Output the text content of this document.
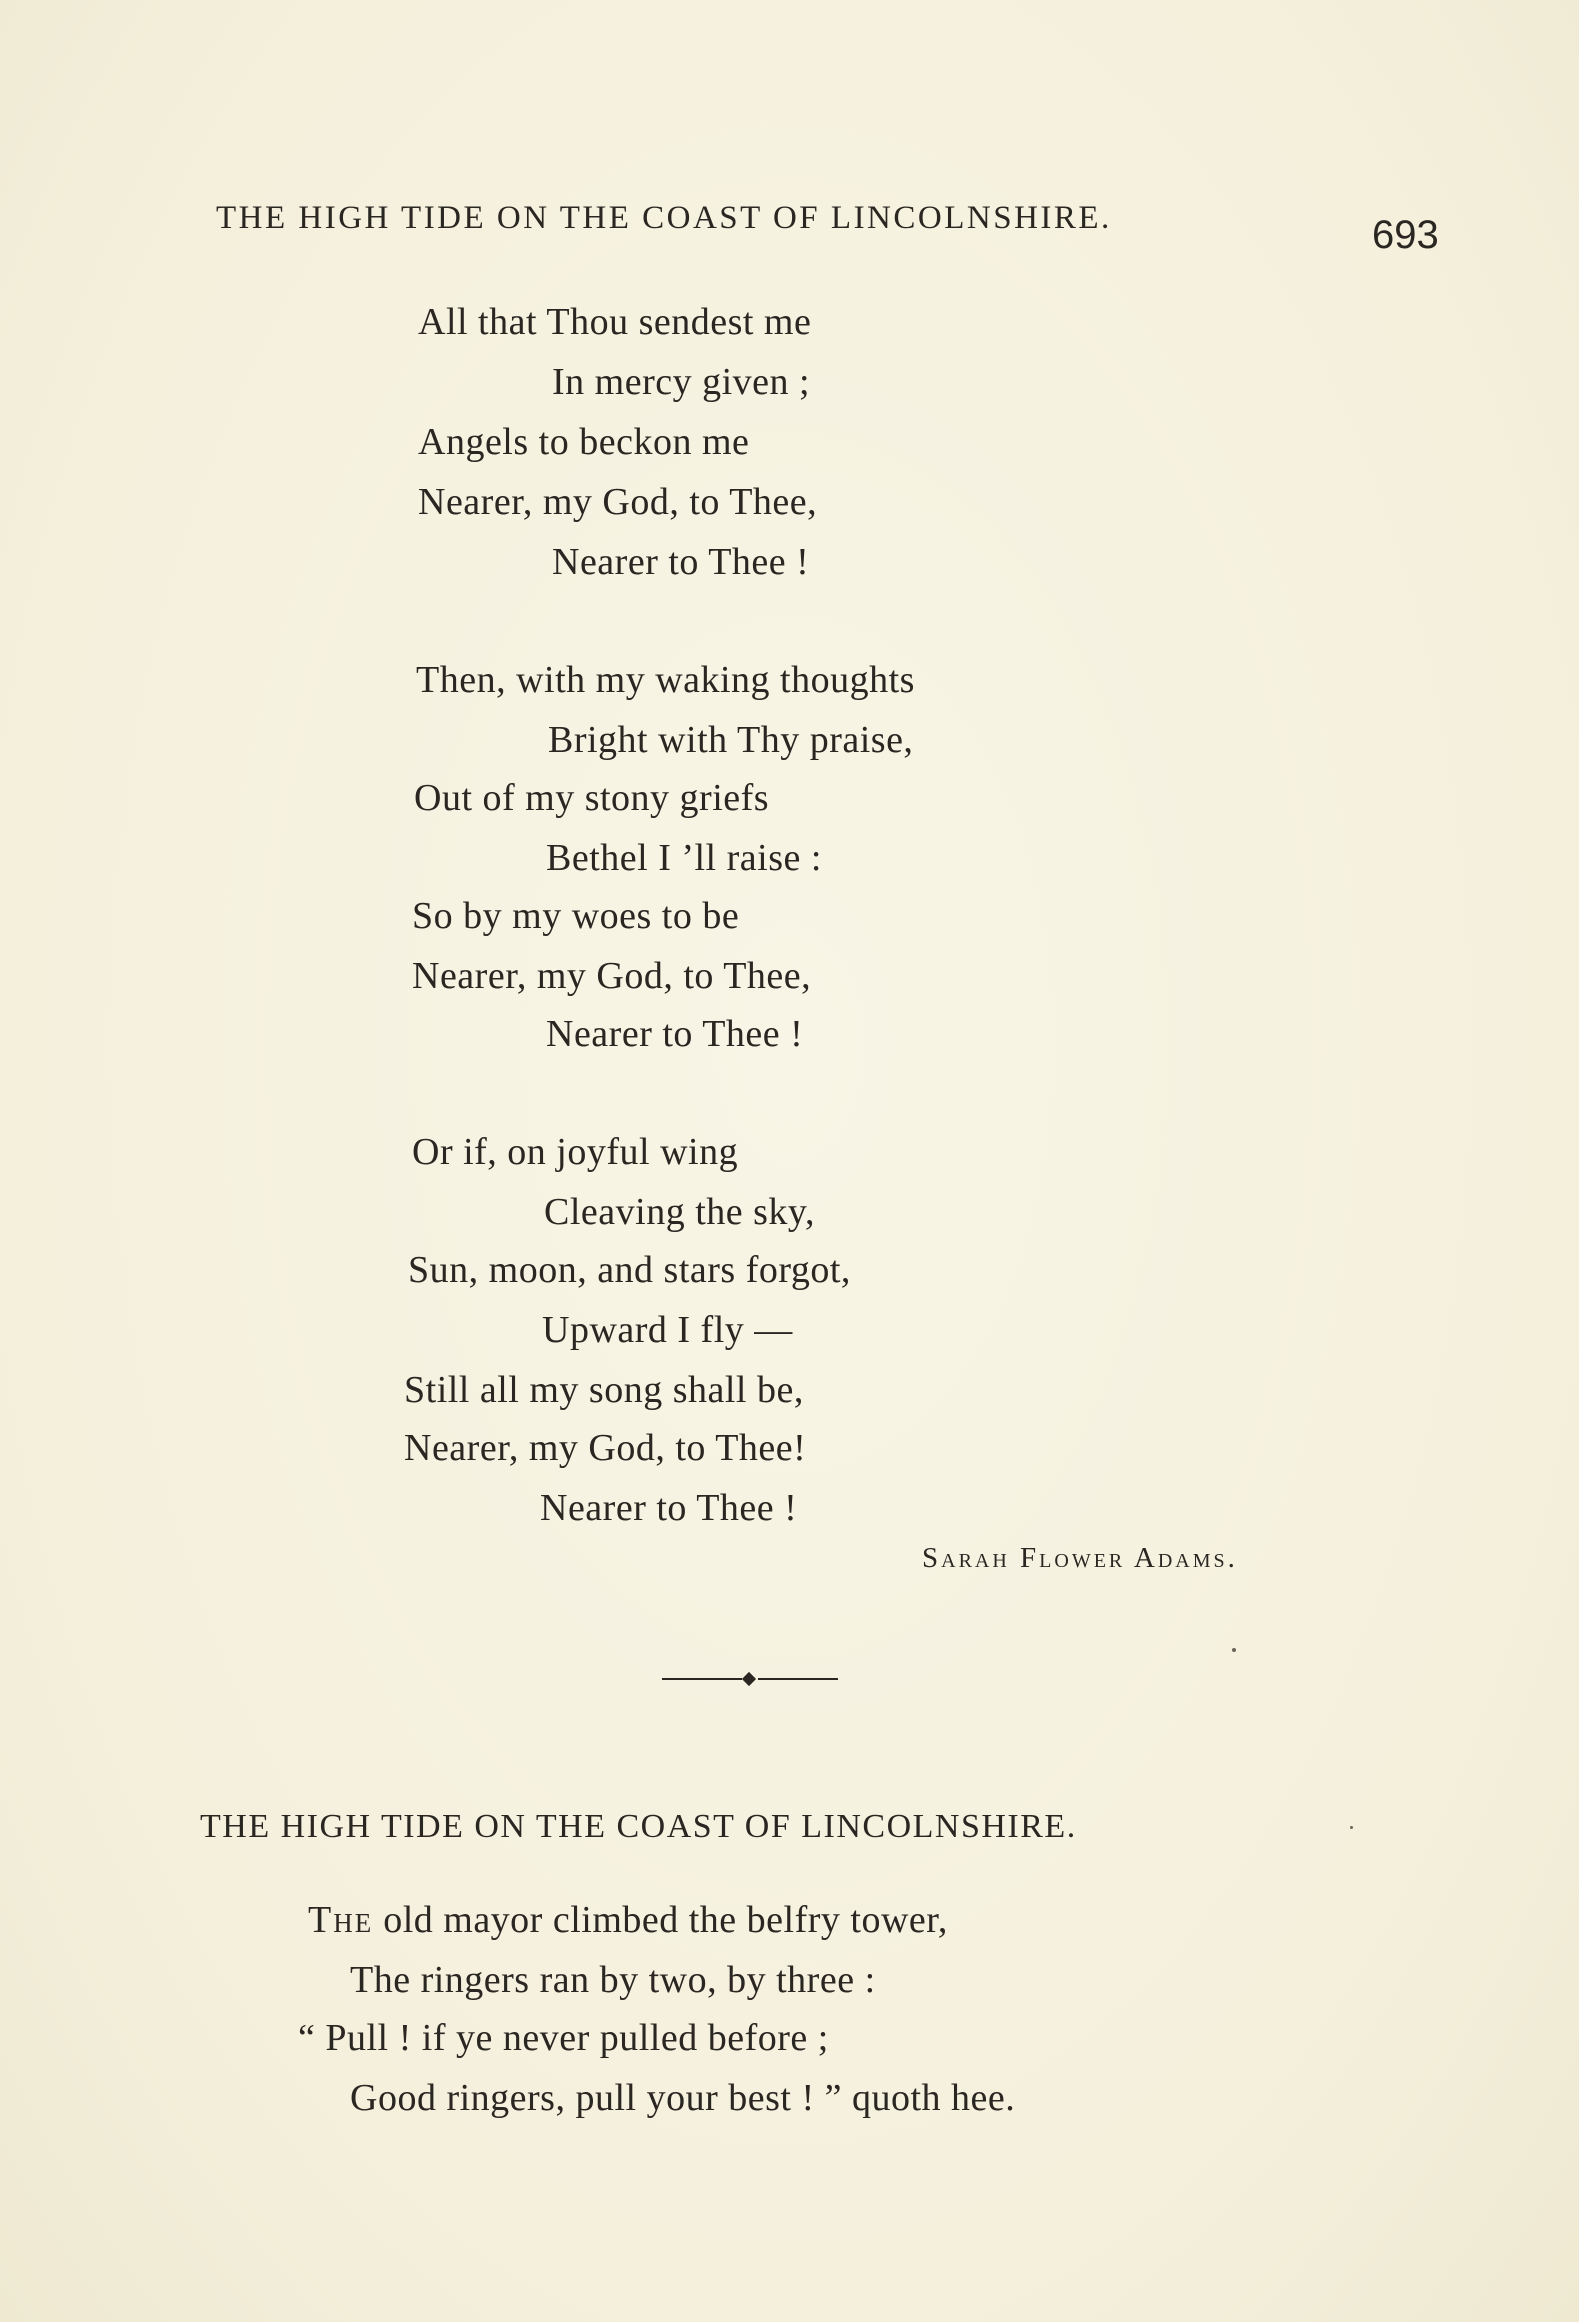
THE HIGH TIDE ON THE COAST OF LINCOLNSHIRE.	693
All that Thou sendest me
In mercy given ;
Angels to beckon me
Nearer, my God, to Thee,
Nearer to Thee !
Then, with my waking thoughts
Bright with Thy praise,
Out of my stony griefs
Bethel I ’ll raise :
So by my woes to be
Nearer, my God, to Thee,
Nearer to Thee !
Or if, on joyful wing
Cleaving the sky,
Sun, moon, and stars forgot,
Upward I fly —
Still all my song shall be,
Nearer, my God, to Thee!
Nearer to Thee !
Sarah Flower Adams.
THE HIGH TIDE ON THE COAST OF LINCOLNSHIRE.
The old mayor climbed the belfry tower,
The ringers ran by two, by three :
“ Pull ! if ye never pulled before ;
Good ringers, pull your best ! ” quoth hee.
